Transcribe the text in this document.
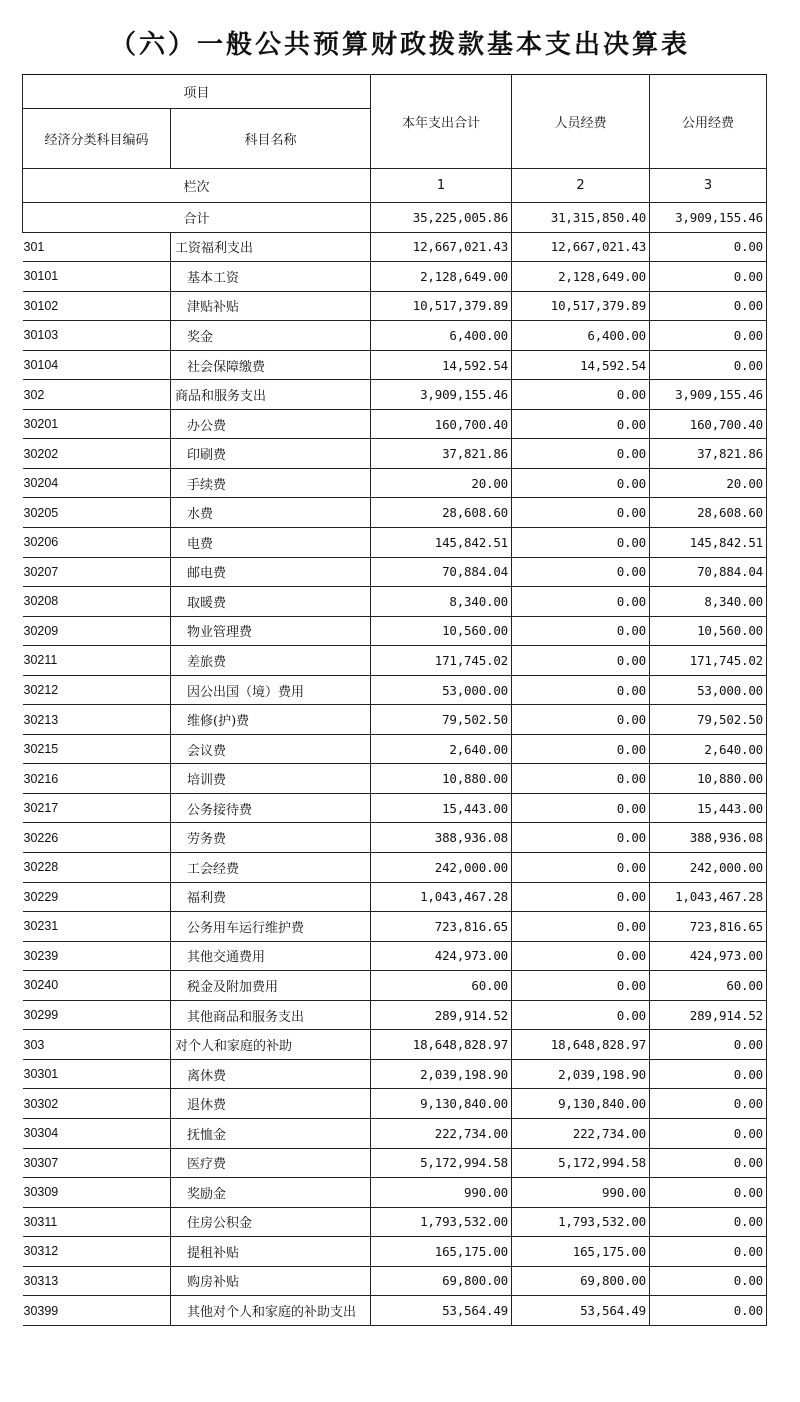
（六）一般公共预算财政拨款基本支出决算表
项目		本年支出合计	人员经费	公用经费
经济分类科目编码	科目名称			
栏次		1	2	3
合计		35,225,005.86	31,315,850.40	3,909,155.46
301	工资福利支出	12,667,021.43	12,667,021.43	0.00
30101	基本工资	2,128,649.00	2,128,649.00	0.00
30102	津贴补贴	10,517,379.89	10,517,379.89	0.00
30103	奖金	6,400.00	6,400.00	0.00
30104	社会保障缴费	14,592.54	14,592.54	0.00
302	商品和服务支出	3,909,155.46	0.00	3,909,155.46
30201	办公费	160,700.40	0.00	160,700.40
30202	印刷费	37,821.86	0.00	37,821.86
30204	手续费	20.00	0.00	20.00
30205	水费	28,608.60	0.00	28,608.60
30206	电费	145,842.51	0.00	145,842.51
30207	邮电费	70,884.04	0.00	70,884.04
30208	取暖费	8,340.00	0.00	8,340.00
30209	物业管理费	10,560.00	0.00	10,560.00
30211	差旅费	171,745.02	0.00	171,745.02
30212	因公出国（境）费用	53,000.00	0.00	53,000.00
30213	维修(护)费	79,502.50	0.00	79,502.50
30215	会议费	2,640.00	0.00	2,640.00
30216	培训费	10,880.00	0.00	10,880.00
30217	公务接待费	15,443.00	0.00	15,443.00
30226	劳务费	388,936.08	0.00	388,936.08
30228	工会经费	242,000.00	0.00	242,000.00
30229	福利费	1,043,467.28	0.00	1,043,467.28
30231	公务用车运行维护费	723,816.65	0.00	723,816.65
30239	其他交通费用	424,973.00	0.00	424,973.00
30240	税金及附加费用	60.00	0.00	60.00
30299	其他商品和服务支出	289,914.52	0.00	289,914.52
303	对个人和家庭的补助	18,648,828.97	18,648,828.97	0.00
30301	离休费	2,039,198.90	2,039,198.90	0.00
30302	退休费	9,130,840.00	9,130,840.00	0.00
30304	抚恤金	222,734.00	222,734.00	0.00
30307	医疗费	5,172,994.58	5,172,994.58	0.00
30309	奖励金	990.00	990.00	0.00
30311	住房公积金	1,793,532.00	1,793,532.00	0.00
30312	提租补贴	165,175.00	165,175.00	0.00
30313	购房补贴	69,800.00	69,800.00	0.00
30399	其他对个人和家庭的补助支出	53,564.49	53,564.49	0.00
